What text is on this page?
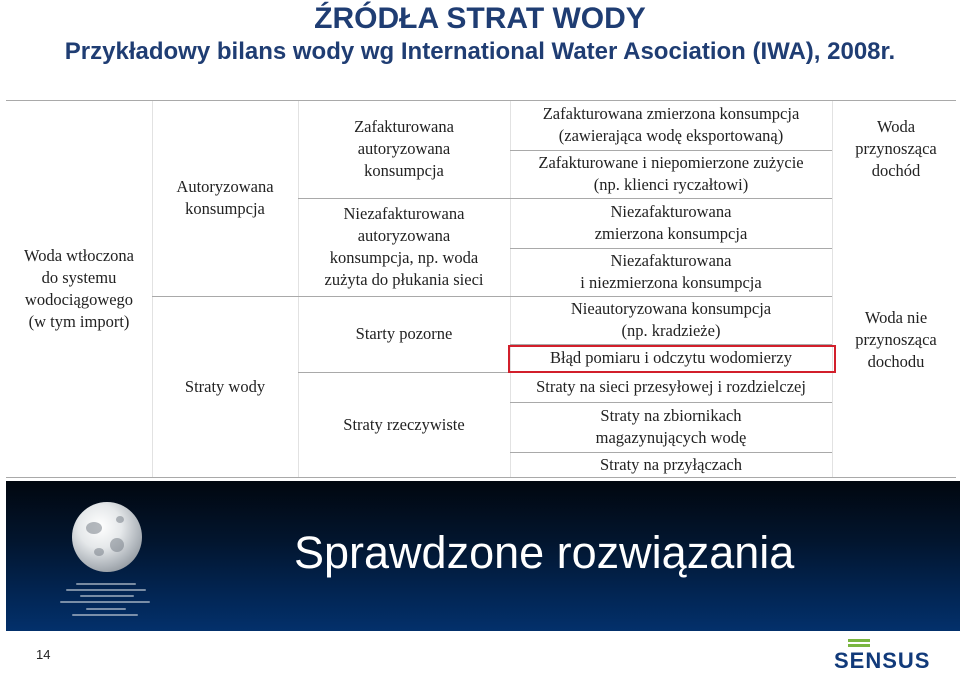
ŹRÓDŁA STRAT WODY
Przykładowy bilans wody wg International Water Asociation (IWA), 2008r.
Woda wtłoczona
do systemu
wodociągowego
(w tym import)
Autoryzowana
konsumpcja
Straty wody
Zafakturowana
autoryzowana
konsumpcja
Niezafakturowana
autoryzowana
konsumpcja, np. woda
zużyta do płukania sieci
Starty pozorne
Straty rzeczywiste
Zafakturowana zmierzona konsumpcja
(zawierająca wodę eksportowaną)
Zafakturowane i niepomierzone zużycie
(np. klienci ryczałtowi)
Niezafakturowana
zmierzona konsumpcja
Niezafakturowana
i niezmierzona konsumpcja
Nieautoryzowana konsumpcja
(np. kradzieże)
Błąd pomiaru i odczytu wodomierzy
Straty na sieci przesyłowej i rozdzielczej
Straty na zbiornikach
magazynujących wodę
Straty na przyłączach
Woda
przynosząca
dochód
Woda nie
przynosząca
dochodu
Sprawdzone rozwiązania
14	SENSUS
